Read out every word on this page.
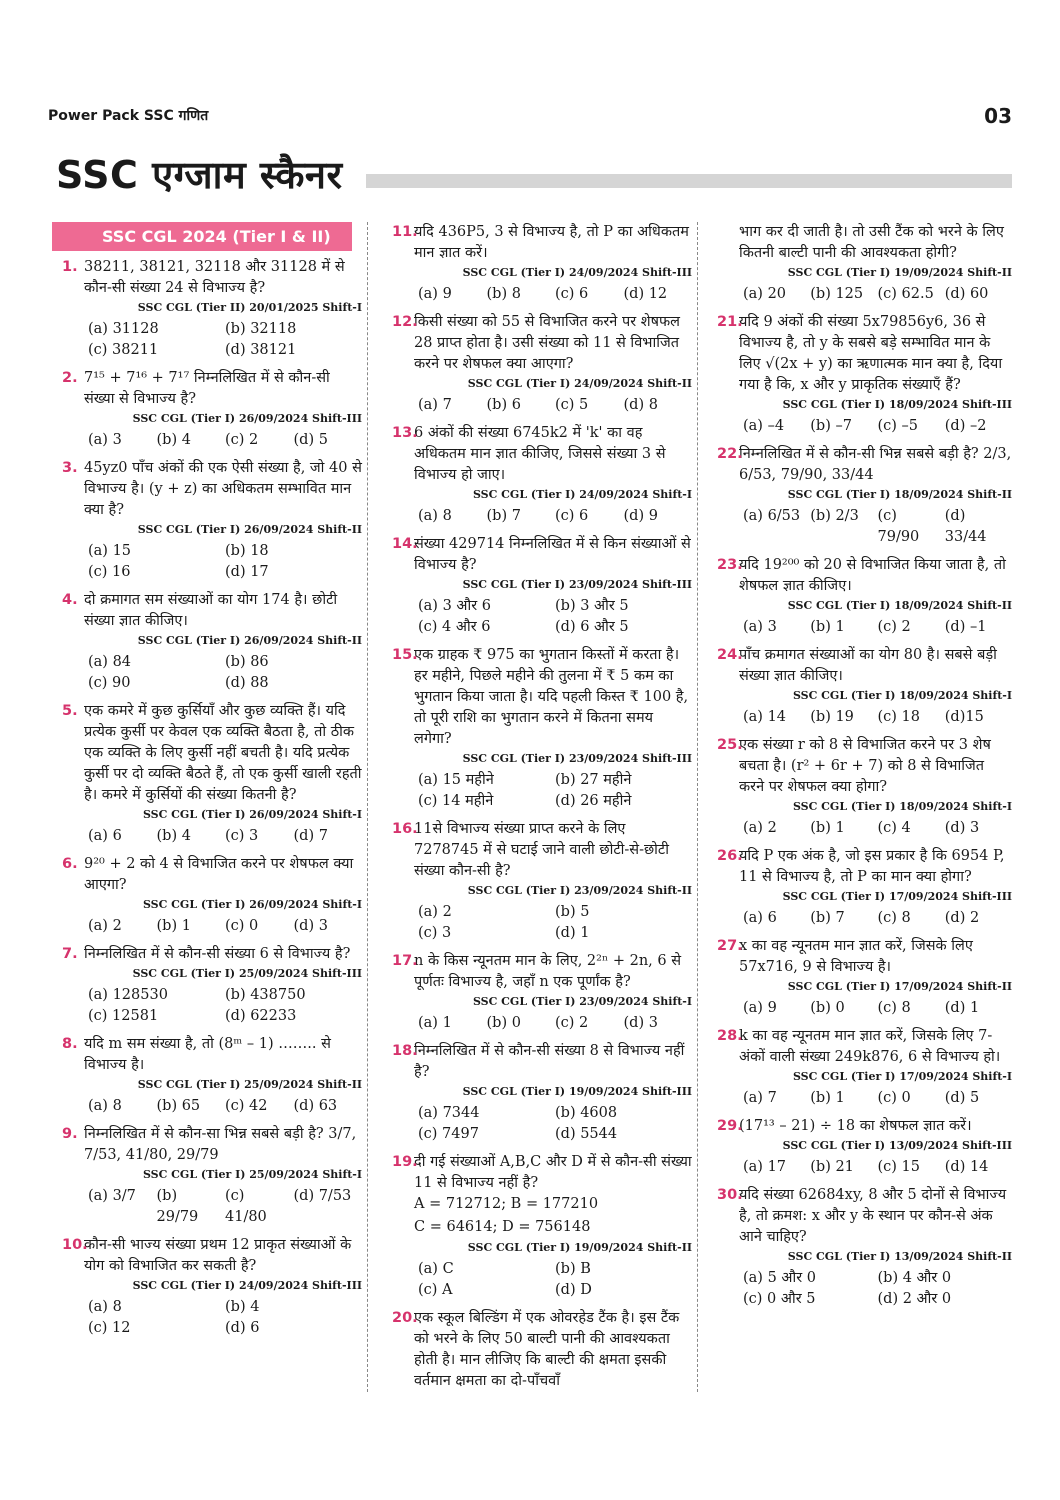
Power Pack SSC गणित	03
SSC एग्जाम स्कैनर
SSC CGL 2024 (Tier I & II)
1. 38211, 38121, 32118 और 31128 में से कौन-सी संख्या 24 से विभाज्य है?
SSC CGL (Tier II) 20/01/2025 Shift-I
(a) 31128	(b) 32118
(c) 38211	(d) 38121
2. 7¹⁵ + 7¹⁶ + 7¹⁷ निम्नलिखित में से कौन-सी संख्या से विभाज्य है?
SSC CGL (Tier I) 26/09/2024 Shift-III
(a) 3	(b) 4	(c) 2	(d) 5
3. 45yz0 पाँच अंकों की एक ऐसी संख्या है, जो 40 से विभाज्य है। (y + z) का अधिकतम सम्भावित मान क्या है?
SSC CGL (Tier I) 26/09/2024 Shift-II
(a) 15	(b) 18
(c) 16	(d) 17
4. दो क्रमागत सम संख्याओं का योग 174 है। छोटी संख्या ज्ञात कीजिए।
SSC CGL (Tier I) 26/09/2024 Shift-II
(a) 84	(b) 86
(c) 90	(d) 88
5. एक कमरे में कुछ कुर्सियाँ और कुछ व्यक्ति हैं। यदि प्रत्येक कुर्सी पर केवल एक व्यक्ति बैठता है, तो ठीक एक व्यक्ति के लिए कुर्सी नहीं बचती है। यदि प्रत्येक कुर्सी पर दो व्यक्ति बैठते हैं, तो एक कुर्सी खाली रहती है। कमरे में कुर्सियों की संख्या कितनी है?
SSC CGL (Tier I) 26/09/2024 Shift-I
(a) 6	(b) 4	(c) 3	(d) 7
6. 9²⁰ + 2 को 4 से विभाजित करने पर शेषफल क्या आएगा?
SSC CGL (Tier I) 26/09/2024 Shift-I
(a) 2	(b) 1	(c) 0	(d) 3
7. निम्नलिखित में से कौन-सी संख्या 6 से विभाज्य है?
SSC CGL (Tier I) 25/09/2024 Shift-III
(a) 128530	(b) 438750
(c) 12581	(d) 62233
8. यदि m सम संख्या है, तो (8ᵐ – 1) …….. से विभाज्य है।
SSC CGL (Tier I) 25/09/2024 Shift-II
(a) 8	(b) 65	(c) 42	(d) 63
9. निम्नलिखित में से कौन-सा भिन्न सबसे बड़ी है? 3/7, 7/53, 41/80, 29/79
SSC CGL (Tier I) 25/09/2024 Shift-I
(a) 3/7	(b) 29/79
(c) 41/80
(d) 7/53
10.
कौन-सी भाज्य संख्या प्रथम 12 प्राकृत संख्याओं के योग को विभाजित कर सकती है?
SSC CGL (Tier I) 24/09/2024 Shift-III
(a) 8	(b) 4
(c) 12	(d) 6
11.
यदि 436P5, 3 से विभाज्य है, तो P का अधिकतम मान ज्ञात करें।
SSC CGL (Tier I) 24/09/2024 Shift-III
(a) 9	(b) 8	(c) 6	(d) 12
12.
किसी संख्या को 55 से विभाजित करने पर शेषफल 28 प्राप्त होता है। उसी संख्या को 11 से विभाजित करने पर शेषफल क्या आएगा?
SSC CGL (Tier I) 24/09/2024 Shift-II
(a) 7	(b) 6	(c) 5	(d) 8
13.
6 अंकों की संख्या 6745k2 में 'k' का वह अधिकतम मान ज्ञात कीजिए, जिससे संख्या 3 से विभाज्य हो जाए।
SSC CGL (Tier I) 24/09/2024 Shift-I
(a) 8	(b) 7	(c) 6	(d) 9
14.
संख्या 429714 निम्नलिखित में से किन संख्याओं से विभाज्य है?
SSC CGL (Tier I) 23/09/2024 Shift-III
(a) 3 और 6	(b) 3 और 5
(c) 4 और 6	(d) 6 और 5
15.
एक ग्राहक ₹ 975 का भुगतान किस्तों में करता है। हर महीने, पिछले महीने की तुलना में ₹ 5 कम का भुगतान किया जाता है। यदि पहली किस्त ₹ 100 है, तो पूरी राशि का भुगतान करने में कितना समय लगेगा?
SSC CGL (Tier I) 23/09/2024 Shift-III
(a) 15 महीने	(b) 27 महीने
(c) 14 महीने	(d) 26 महीने
16.
11से विभाज्य संख्या प्राप्त करने के लिए 7278745 में से घटाई जाने वाली छोटी-से-छोटी संख्या कौन-सी है?
SSC CGL (Tier I) 23/09/2024 Shift-II
(a) 2	(b) 5
(c) 3	(d) 1
17.
n के किस न्यूनतम मान के लिए, 2²ⁿ + 2n, 6 से पूर्णतः विभाज्य है, जहाँ n एक पूर्णांक है?
SSC CGL (Tier I) 23/09/2024 Shift-I
(a) 1	(b) 0	(c) 2	(d) 3
18.
निम्नलिखित में से कौन-सी संख्या 8 से विभाज्य नहीं है?
SSC CGL (Tier I) 19/09/2024 Shift-III
(a) 7344	(b) 4608
(c) 7497	(d) 5544
19.
दी गई संख्याओं A,B,C और D में से कौन-सी संख्या 11 से विभाज्य नहीं है?
A = 712712; B = 177210
C = 64614; D = 756148
SSC CGL (Tier I) 19/09/2024 Shift-II
(a) C	(b) B
(c) A	(d) D
20.
एक स्कूल बिल्डिंग में एक ओवरहेड टैंक है। इस टैंक को भरने के लिए 50 बाल्टी पानी की आवश्यकता होती है। मान लीजिए कि बाल्टी की क्षमता इसकी वर्तमान क्षमता का दो-पाँचवाँ
भाग कर दी जाती है। तो उसी टैंक को भरने के लिए कितनी बाल्टी पानी की आवश्यकता होगी?
SSC CGL (Tier I) 19/09/2024 Shift-II
(a) 20	(b) 125 (c) 62.5 (d) 60
21.
यदि 9 अंकों की संख्या 5x79856y6, 36 से विभाज्य है, तो y के सबसे बड़े सम्भावित मान के लिए √(2x + y) का ऋणात्मक मान क्या है, दिया गया है कि, x और y प्राकृतिक संख्याएँ हैं?
SSC CGL (Tier I) 18/09/2024 Shift-III
(a) –4	(b) –7	(c) –5	(d) –2
22.
निम्नलिखित में से कौन-सी भिन्न सबसे बड़ी है? 2/3, 6/53, 79/90, 33/44
SSC CGL (Tier I) 18/09/2024 Shift-II
(a) 6/53 (b) 2/3	(c) 79/90
(d) 33/44
23.
यदि 19²⁰⁰ को 20 से विभाजित किया जाता है, तो शेषफल ज्ञात कीजिए।
SSC CGL (Tier I) 18/09/2024 Shift-II
(a) 3	(b) 1	(c) 2	(d) –1
24.
पाँच क्रमागत संख्याओं का योग 80 है। सबसे बड़ी संख्या ज्ञात कीजिए।
SSC CGL (Tier I) 18/09/2024 Shift-I
(a) 14	(b) 19	(c) 18	(d)15
25.
एक संख्या r को 8 से विभाजित करने पर 3 शेष बचता है। (r² + 6r + 7) को 8 से विभाजित करने पर शेषफल क्या होगा?
SSC CGL (Tier I) 18/09/2024 Shift-I
(a) 2	(b) 1	(c) 4	(d) 3
26.
यदि P एक अंक है, जो इस प्रकार है कि 6954 P, 11 से विभाज्य है, तो P का मान क्या होगा?
SSC CGL (Tier I) 17/09/2024 Shift-III
(a) 6	(b) 7	(c) 8	(d) 2
27.
x का वह न्यूनतम मान ज्ञात करें, जिसके लिए 57x716, 9 से विभाज्य है।
SSC CGL (Tier I) 17/09/2024 Shift-II
(a) 9	(b) 0	(c) 8	(d) 1
28.
k का वह न्यूनतम मान ज्ञात करें, जिसके लिए 7-अंकों वाली संख्या 249k876, 6 से विभाज्य हो।
SSC CGL (Tier I) 17/09/2024 Shift-I
(a) 7	(b) 1	(c) 0	(d) 5
29.
(17¹³ – 21) ÷ 18 का शेषफल ज्ञात करें।
SSC CGL (Tier I) 13/09/2024 Shift-III
(a) 17	(b) 21	(c) 15	(d) 14
30.
यदि संख्या 62684xy, 8 और 5 दोनों से विभाज्य है, तो क्रमश: x और y के स्थान पर कौन-से अंक आने चाहिए?
SSC CGL (Tier I) 13/09/2024 Shift-II
(a) 5 और 0	(b) 4 और 0
(c) 0 और 5	(d) 2 और 0
